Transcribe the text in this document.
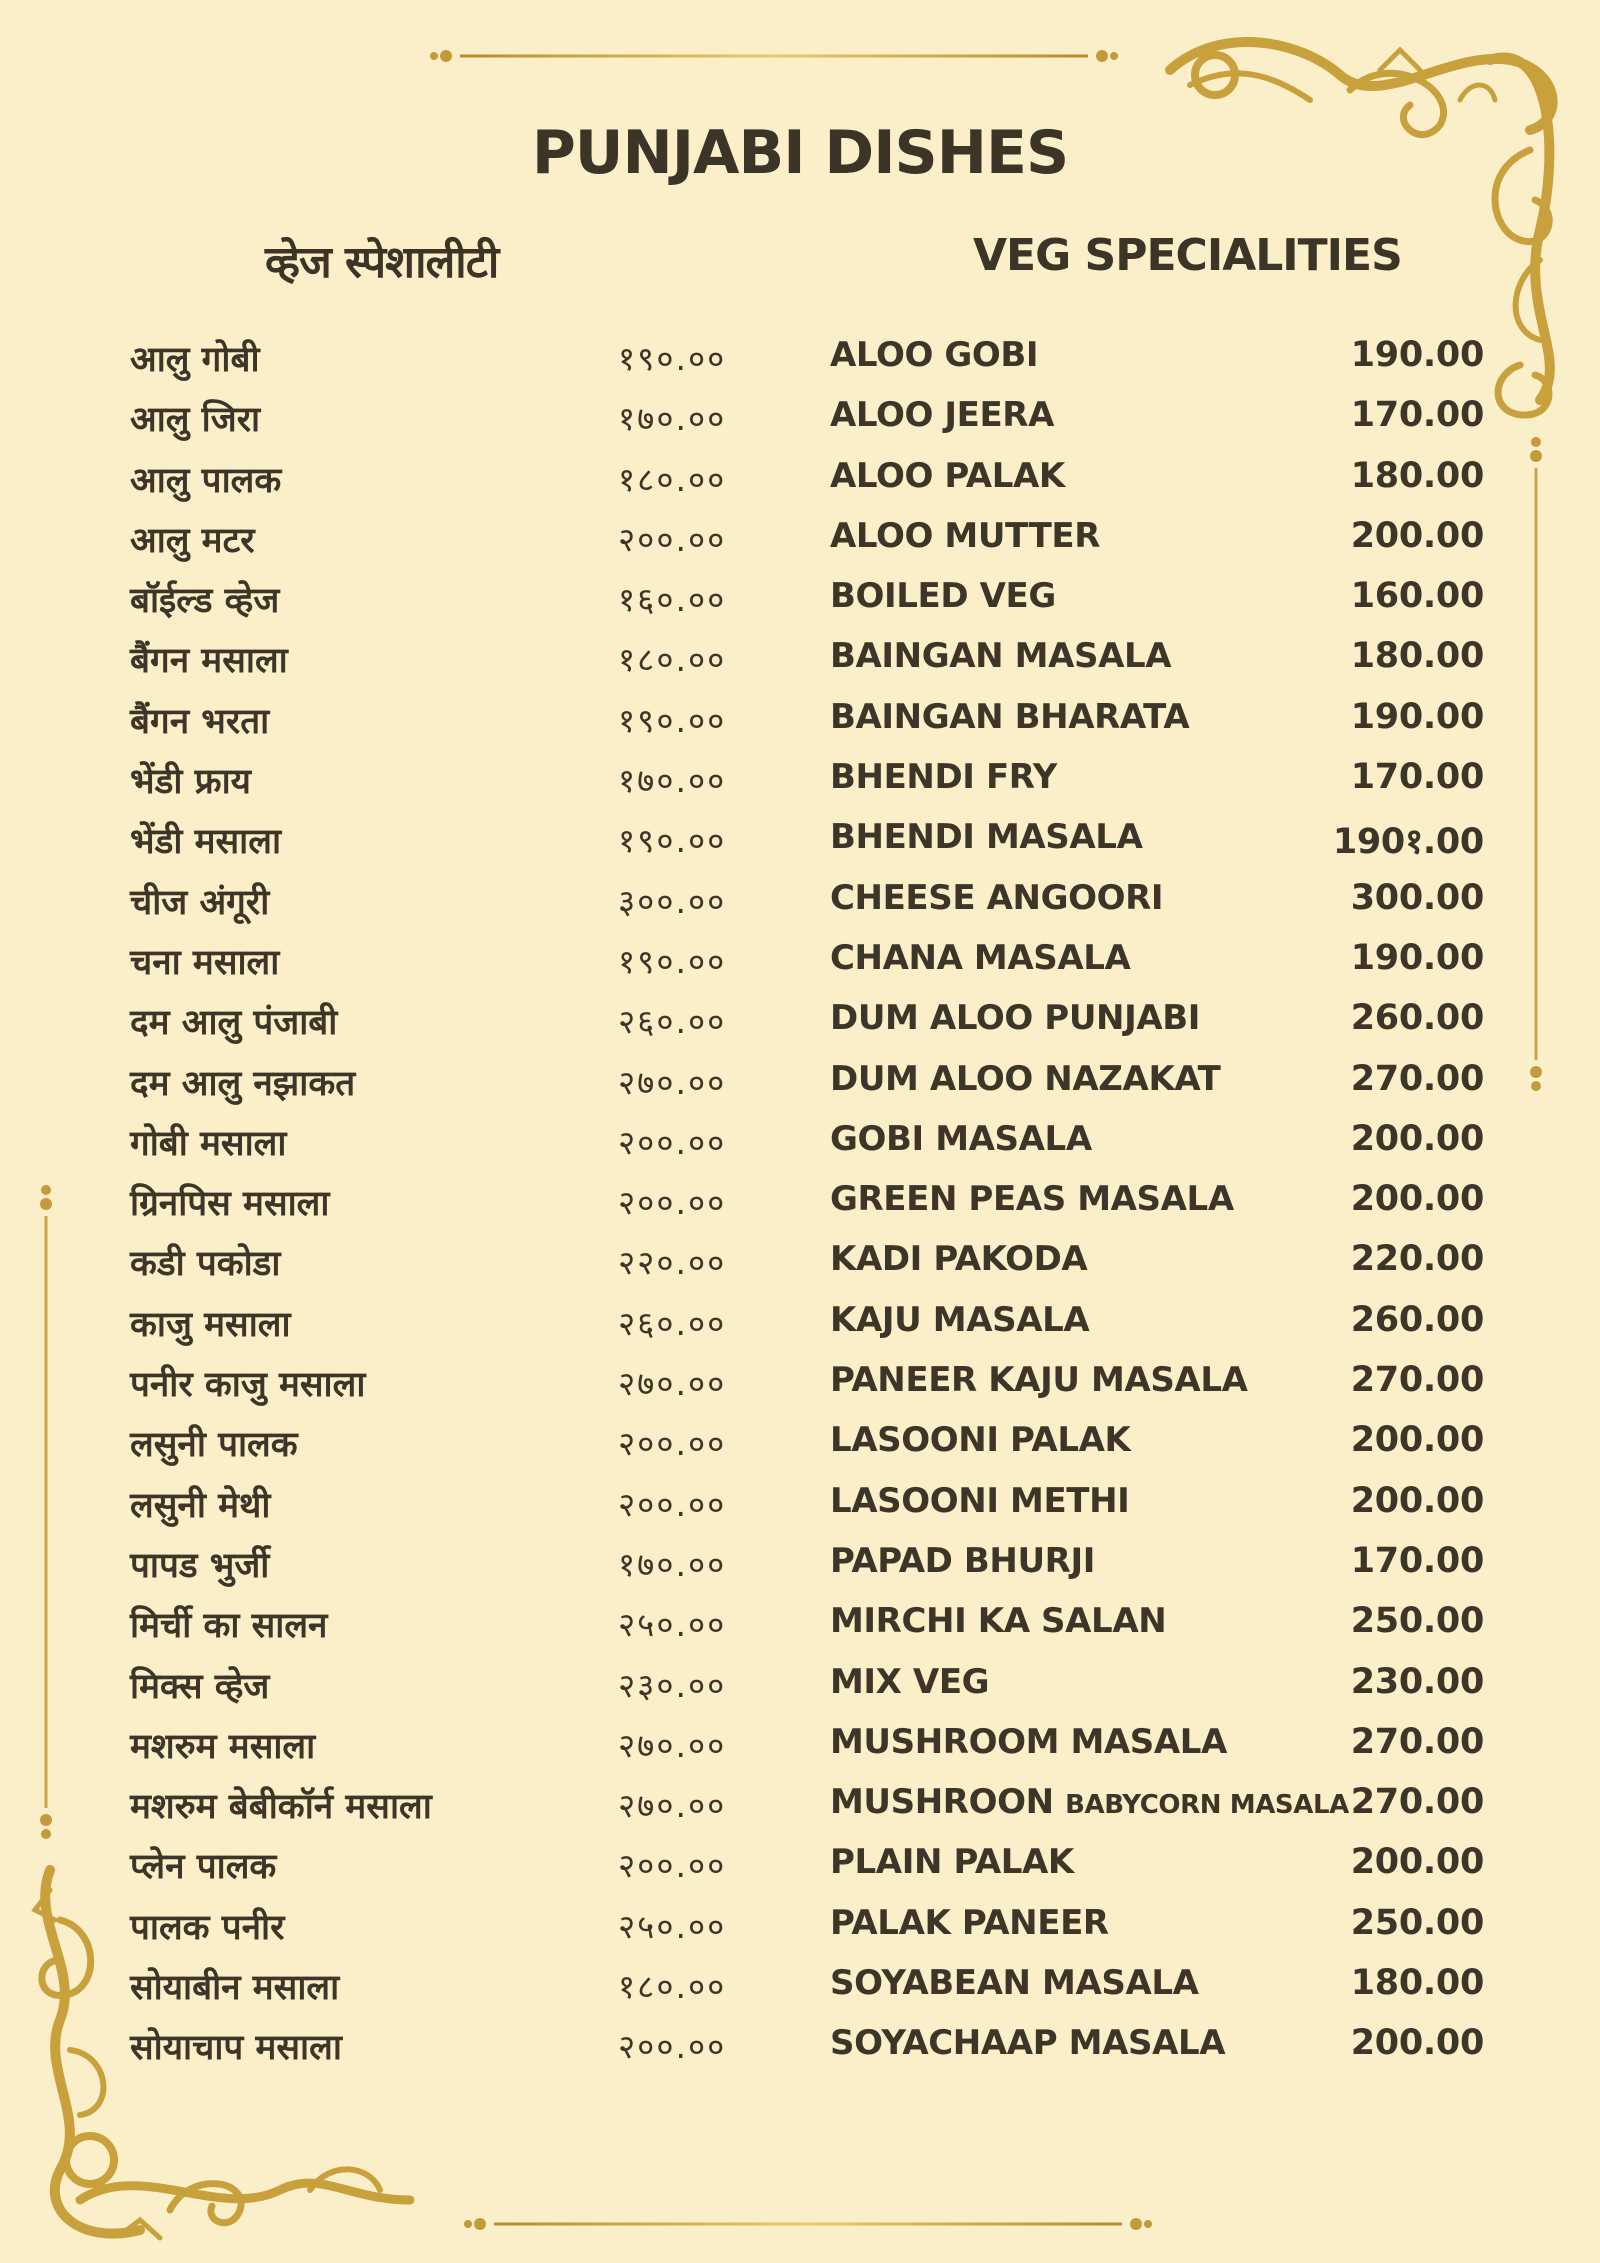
PUNJABI DISHES
व्हेज स्पेशालीटी	VEG SPECIALITIES
आलु गोबी	१९०.००	ALOO GOBI	190.00
आलु जिरा	१७०.००	ALOO JEERA	170.00
आलु पालक	१८०.००	ALOO PALAK	180.00
आलु मटर	२००.००	ALOO MUTTER	200.00
बॉईल्ड व्हेज	१६०.००	BOILED VEG	160.00
बैंगन मसाला	१८०.००	BAINGAN MASALA	180.00
बैंगन भरता	१९०.००	BAINGAN BHARATA	190.00
भेंडी फ्राय	१७०.००	BHENDI FRY	170.00
भेंडी मसाला	१९०.००	BHENDI MASALA	190१.00
चीज अंगूरी	३००.००	CHEESE ANGOORI	300.00
चना मसाला	१९०.००	CHANA MASALA	190.00
दम आलु पंजाबी	२६०.००	DUM ALOO PUNJABI	260.00
दम आलु नझाकत	२७०.००	DUM ALOO NAZAKAT	270.00
गोबी मसाला	२००.००	GOBI MASALA	200.00
ग्रिनपिस मसाला	२००.००	GREEN PEAS MASALA	200.00
कडी पकोडा	२२०.००	KADI PAKODA	220.00
काजु मसाला	२६०.००	KAJU MASALA	260.00
पनीर काजु मसाला	२७०.००	PANEER KAJU MASALA	270.00
लसुनी पालक	२००.००	LASOONI PALAK	200.00
लसुनी मेथी	२००.००	LASOONI METHI	200.00
पापड भुर्जी	१७०.००	PAPAD BHURJI	170.00
मिर्ची का सालन	२५०.००	MIRCHI KA SALAN	250.00
मिक्स व्हेज	२३०.००	MIX VEG	230.00
मशरुम मसाला	२७०.००	MUSHROOM MASALA	270.00
मशरुम बेबीकॉर्न मसाला	२७०.००	MUSHROON BABYCORN MASALA 270.00
प्लेन पालक	२००.००	PLAIN PALAK	200.00
पालक पनीर	२५०.००	PALAK PANEER	250.00
सोयाबीन मसाला	१८०.००	SOYABEAN MASALA	180.00
सोयाचाप मसाला	२००.००	SOYACHAAP MASALA	200.00
